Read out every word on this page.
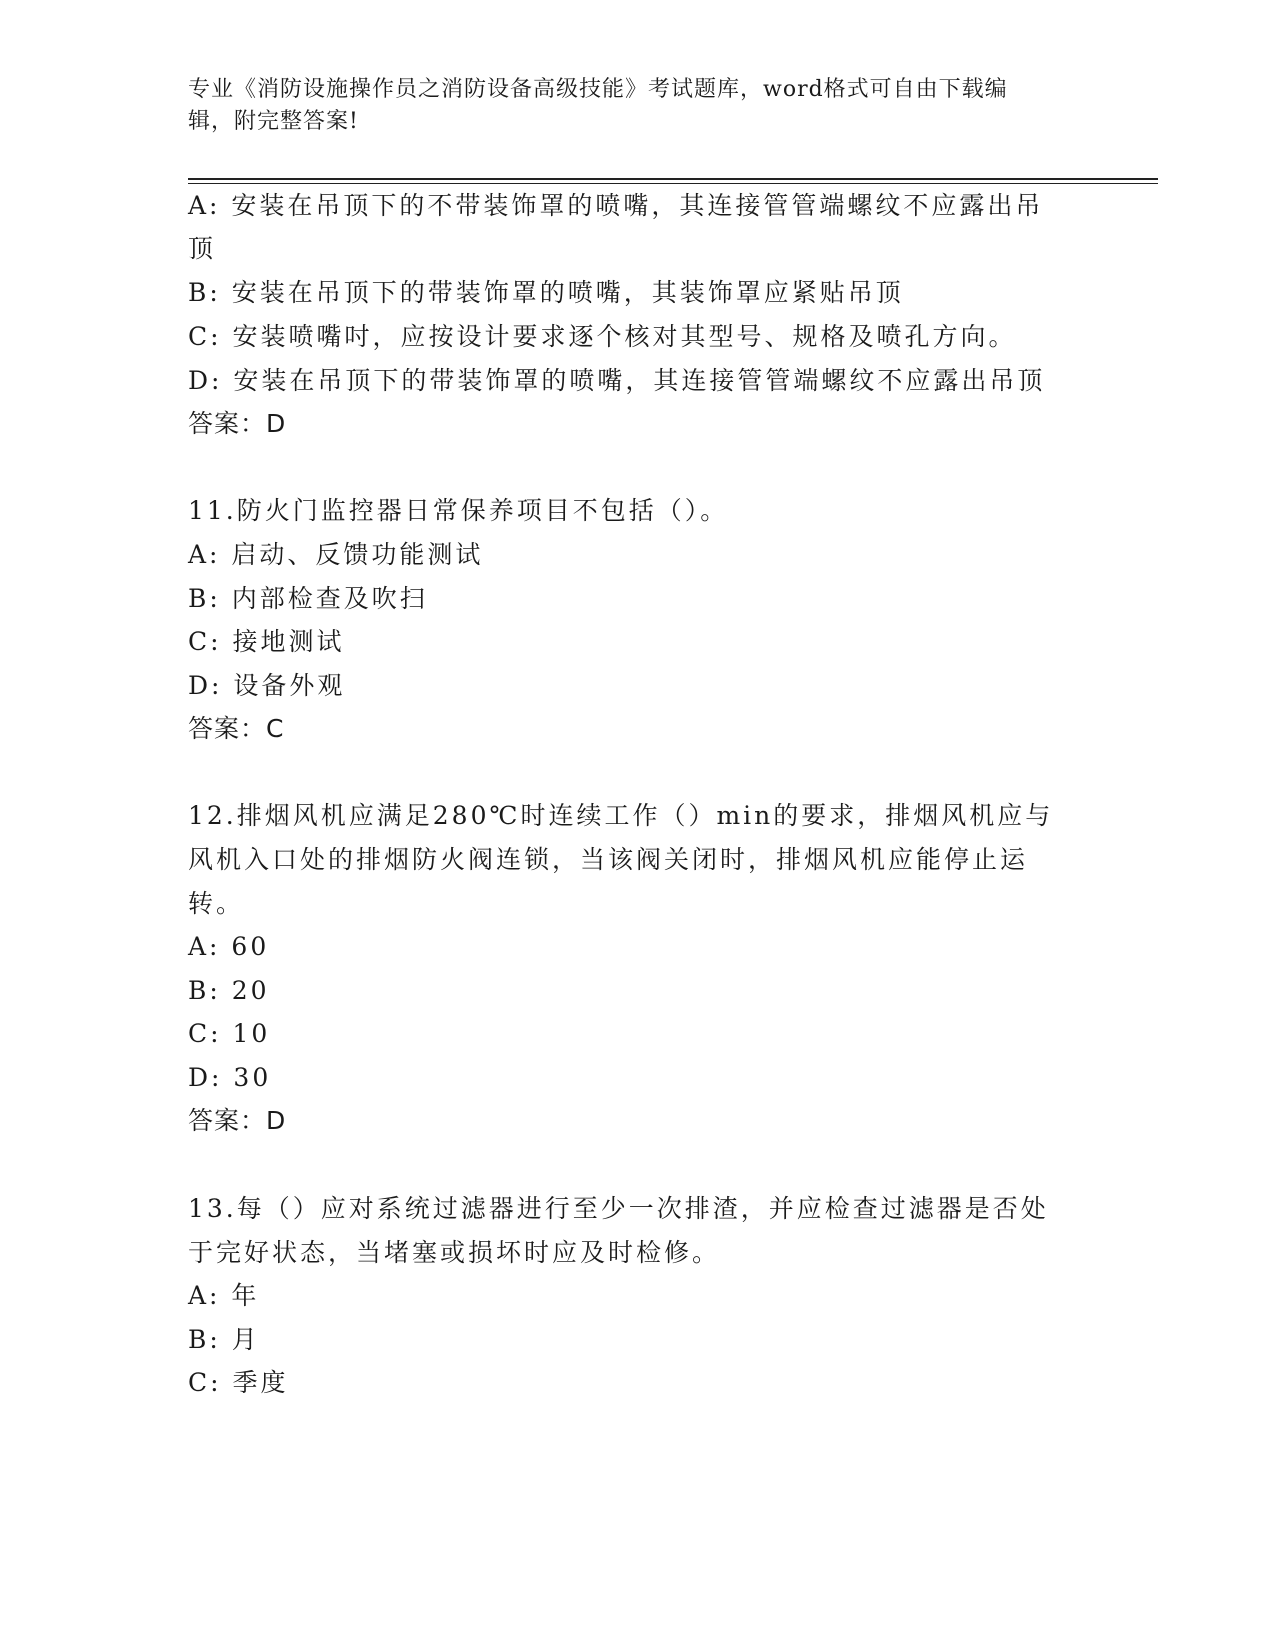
专业《消防设施操作员之消防设备高级技能》考试题库，word格式可自由下载编
辑，附完整答案!
A: 安装在吊顶下的不带装饰罩的喷嘴，其连接管管端螺纹不应露出吊
顶
B: 安装在吊顶下的带装饰罩的喷嘴，其装饰罩应紧贴吊顶
C: 安装喷嘴吋，应按设计要求逐个核对其型号、规格及喷孔方向。
D: 安装在吊顶下的带装饰罩的喷嘴，其连接管管端螺纹不应露出吊顶
答案：D
11.防火门监控器日常保养项目不包括（）。
A: 启动、反馈功能测试
B: 内部检查及吹扫
C: 接地测试
D: 设备外观
答案：C
12.排烟风机应满足280℃时连续工作（）min的要求，排烟风机应与
风机入口处的排烟防火阀连锁，当该阀关闭时，排烟风机应能停止运
转。
A: 60
B: 20
C: 10
D: 30
答案：D
13.每（）应对系统过滤器进行至少一次排渣，并应检查过滤器是否处
于完好状态，当堵塞或损坏时应及时检修。
A: 年
B: 月
C: 季度
